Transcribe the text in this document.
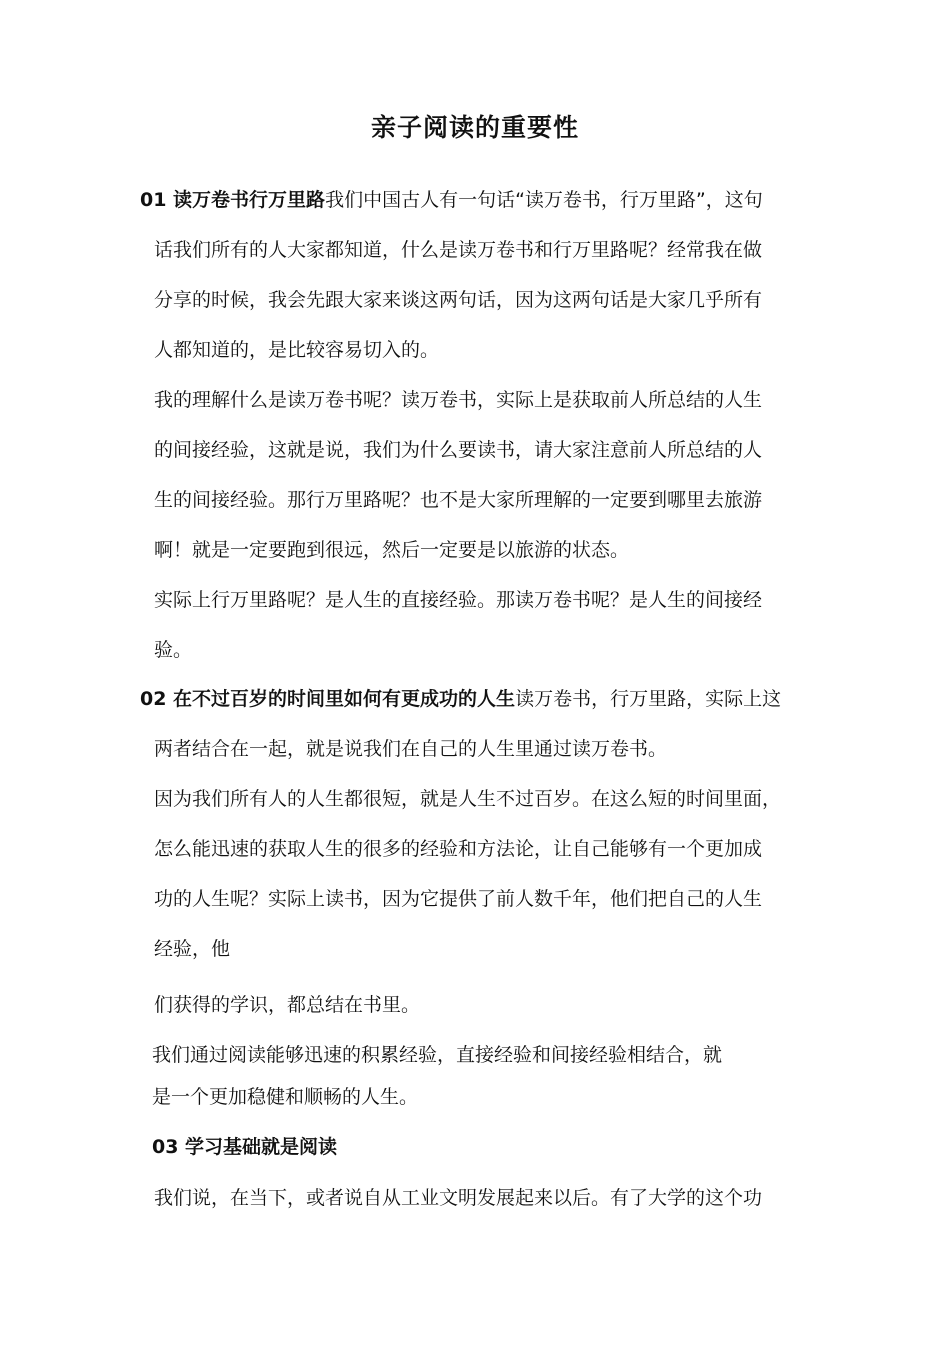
亲子阅读的重要性
01 读万卷书行万里路我们中国古人有一句话“读万卷书，行万里路”，这句
话我们所有的人大家都知道，什么是读万卷书和行万里路呢？经常我在做
分享的时候，我会先跟大家来谈这两句话，因为这两句话是大家几乎所有
人都知道的，是比较容易切入的。
我的理解什么是读万卷书呢？读万卷书，实际上是获取前人所总结的人生
的间接经验，这就是说，我们为什么要读书，请大家注意前人所总结的人
生的间接经验。那行万里路呢？也不是大家所理解的一定要到哪里去旅游
啊！就是一定要跑到很远，然后一定要是以旅游的状态。
实际上行万里路呢？是人生的直接经验。那读万卷书呢？是人生的间接经
验。
02 在不过百岁的时间里如何有更成功的人生读万卷书，行万里路，实际上这
两者结合在一起，就是说我们在自己的人生里通过读万卷书。
因为我们所有人的人生都很短，就是人生不过百岁。在这么短的时间里面，
怎么能迅速的获取人生的很多的经验和方法论，让自己能够有一个更加成
功的人生呢？实际上读书，因为它提供了前人数千年，他们把自己的人生
经验，他
们获得的学识，都总结在书里。
我们通过阅读能够迅速的积累经验，直接经验和间接经验相结合，就
是一个更加稳健和顺畅的人生。
03 学习基础就是阅读
我们说，在当下，或者说自从工业文明发展起来以后。有了大学的这个功
